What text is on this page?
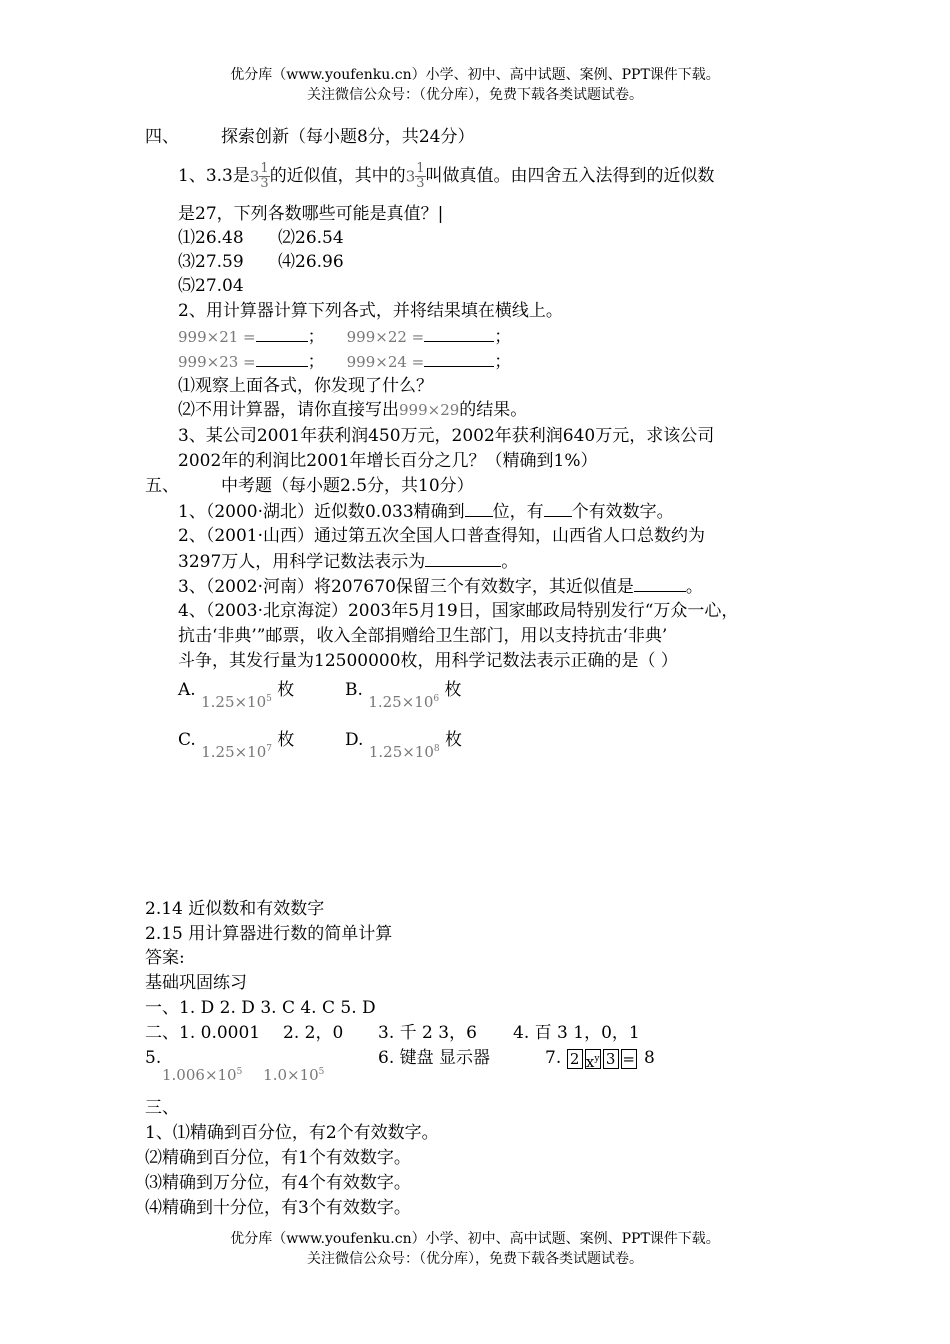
优分库（www.youfenku.cn）小学、初中、高中试题、案例、PPT课件下载。
关注微信公众号：（优分库），免费下载各类试题试卷。
四、 探索创新（每小题8分，共24分）
1、3.3是$3 \frac{1}{3}$ 的近似值，其中的$3 \frac{1}{3}$ 叫做真值。由四舍五入法得到的近似数
是27，下列各数哪些可能是真值？|
⑴26.48 ⑵26.54
⑶27.59 ⑷26.96
⑸27.04
2、用计算器计算下列各式，并将结果填在横线上。
999×21 =	； 999×22 =	；
999×23 =	； 999×24 =	；
⑴观察上面各式，你发现了什么？
⑵不用计算器，请你直接写出999×29的结果。
3、某公司2001年获利润450万元，2002年获利润640万元，求该公司
2002年的利润比2001年增长百分之几？（精确到1%）
五、 中考题（每小题2.5分，共10分）
1、（2000·湖北）近似数0.033精确到 位，有 个有效数字。
2、（2001·山西）通过第五次全国人口普查得知，山西省人口总数约为
3297万人，用科学记数法表示为	。
3、（2002·河南）将207670保留三个有效数字，其近似值是	。
4、（2003·北京海淀）2003年5月19日，国家邮政局特别发行“万众一心，
抗击‘非典’”邮票，收入全部捐赠给卫生部门，用以支持抗击‘非典’
斗争，其发行量为12500000枚，用科学记数法表示正确的是（ ）
A. $1.25\times 10^5$ 枚	B. $1.25\times 10^6$ 枚
C. $1.25\times 10^7$ 枚	D. $1.25\times 10^8$ 枚
2.14 近似数和有效数字
2.15 用计算器进行数的简单计算
答案:
基础巩固练习
一、1. D 2. D 3. C 4. C 5. D
二、1. 0.0001 2. 2，0 3. 千 2 3，6 4. 百 3 1，0，1
5.
$1.006\times 10^5$ $1.0\times 10^5$
6. 键盘 显示器	7. 2 $x^y$ 3 = 8
三、
1、⑴精确到百分位，有2个有效数字。
⑵精确到百分位，有1个有效数字。
⑶精确到万分位，有4个有效数字。
⑷精确到十分位，有3个有效数字。
优分库（www.youfenku.cn）小学、初中、高中试题、案例、PPT课件下载。
关注微信公众号：（优分库），免费下载各类试题试卷。
